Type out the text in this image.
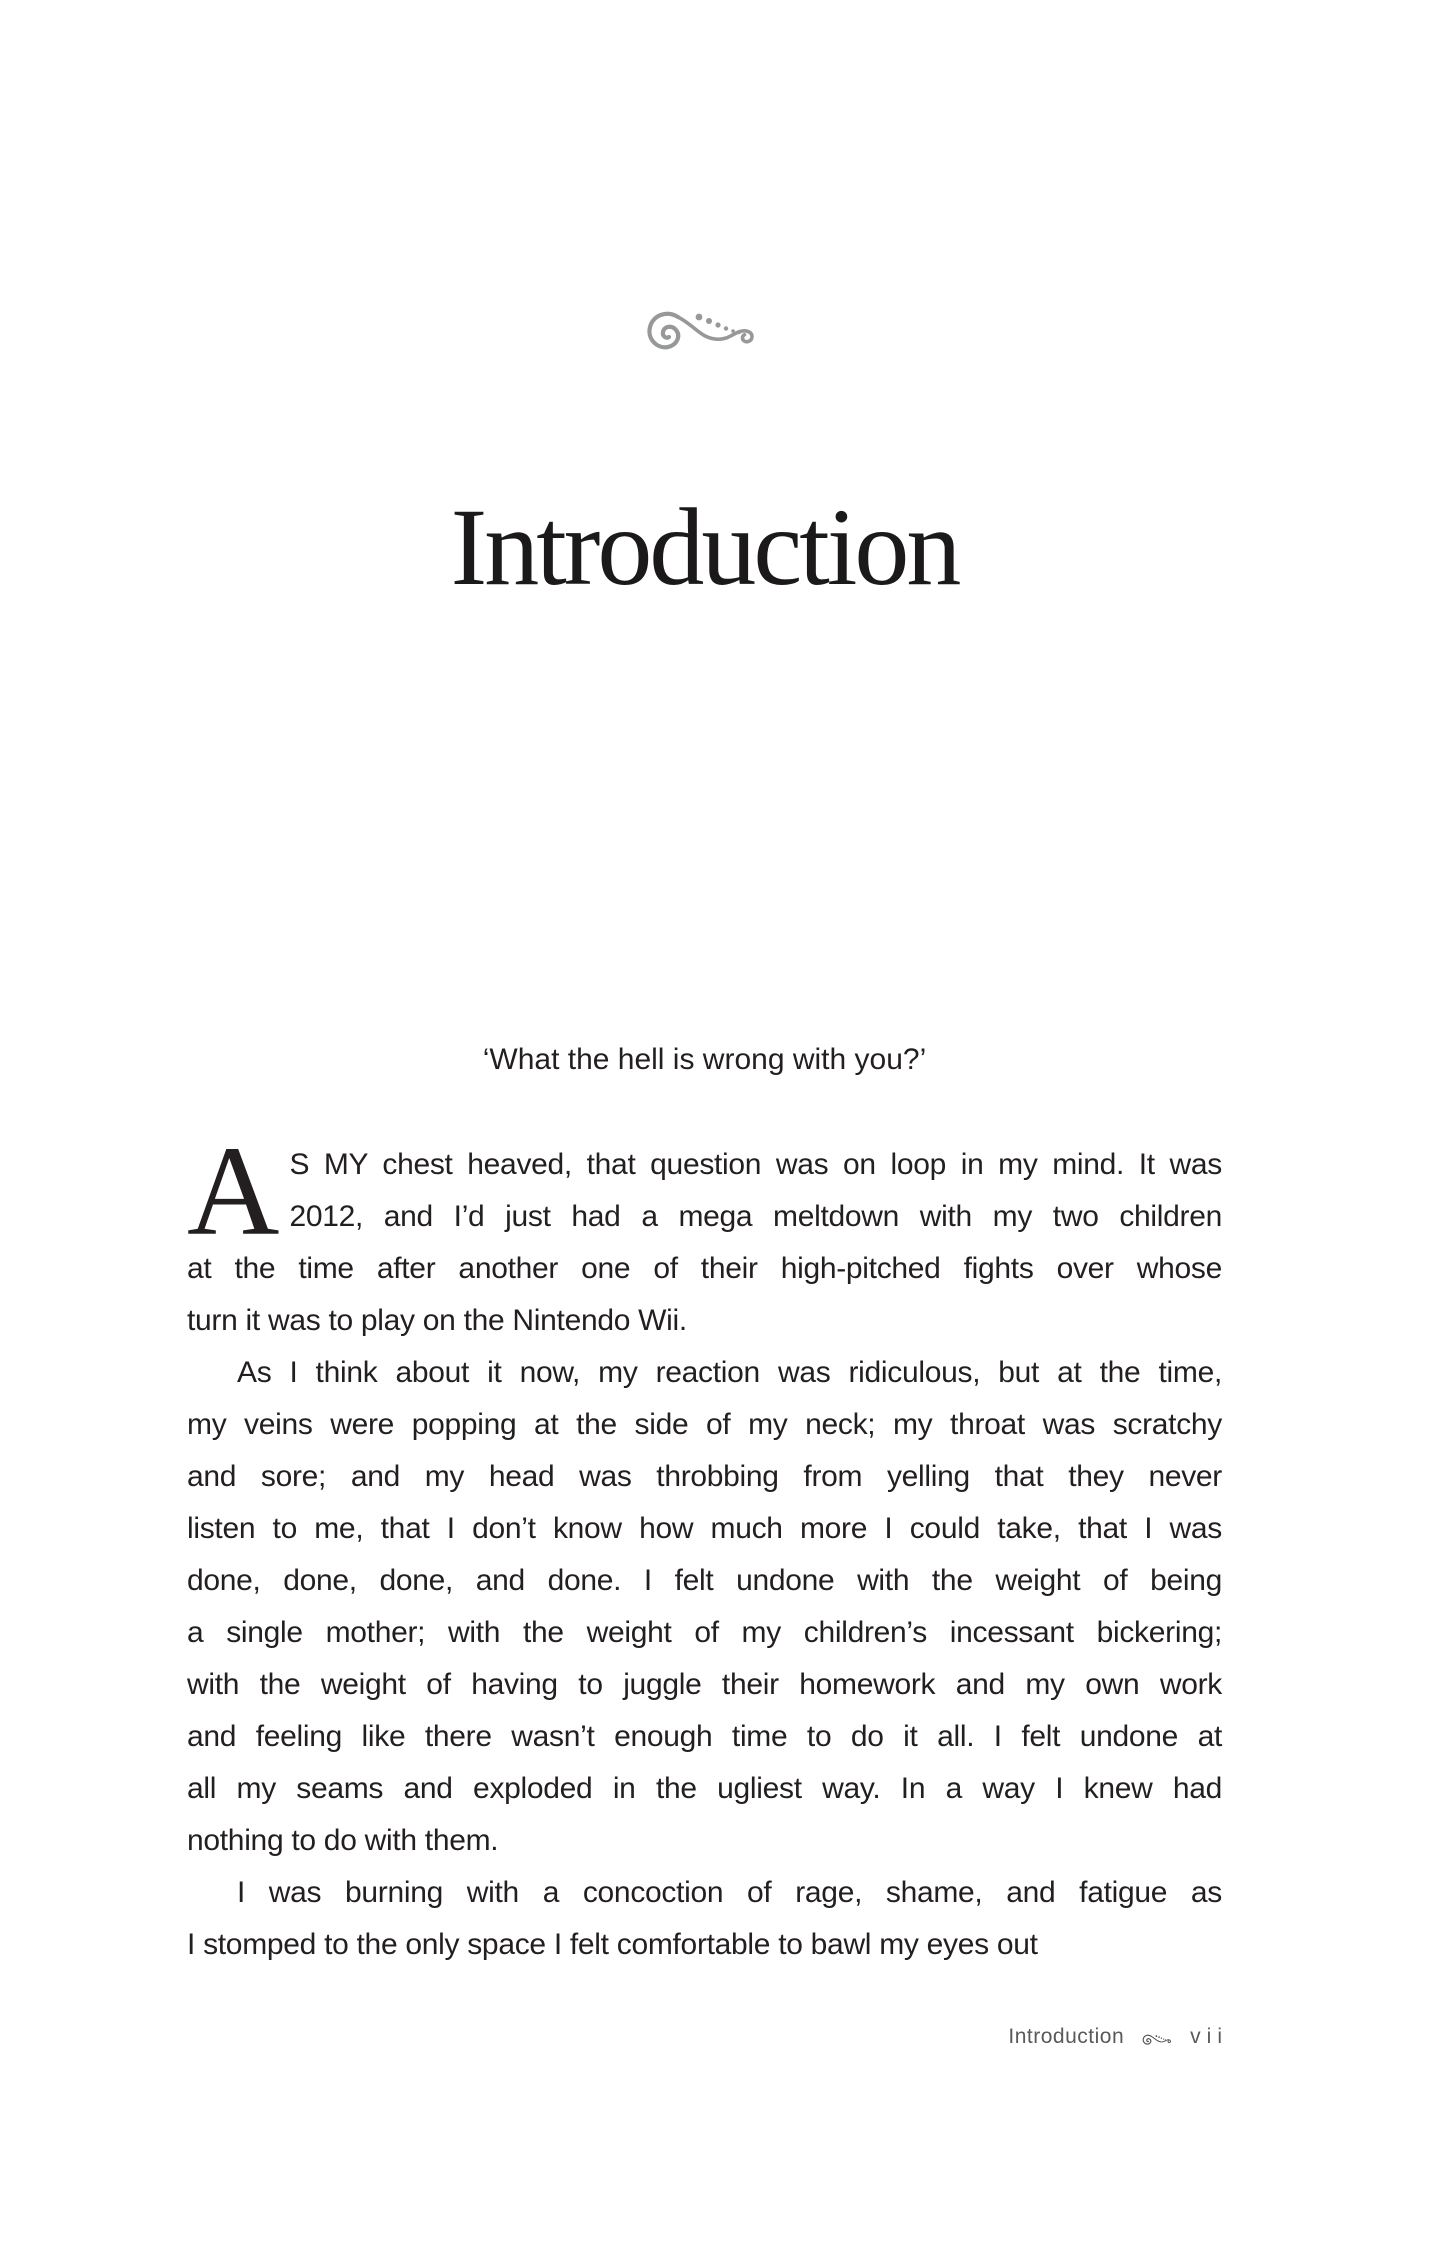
Introduction
‘What the hell is wrong with you?’
A S MY chest heaved, that question was on loop in my mind. It was
2012, and I’d just had a mega meltdown with my two children
at the time after another one of their high-pitched fights over whose
turn it was to play on the Nintendo Wii.
As I think about it now, my reaction was ridiculous, but at the time,
my veins were popping at the side of my neck; my throat was scratchy
and sore; and my head was throbbing from yelling that they never
listen to me, that I don’t know how much more I could take, that I was
done, done, done, and done. I felt undone with the weight of being
a single mother; with the weight of my children’s incessant bickering;
with the weight of having to juggle their homework and my own work
and feeling like there wasn’t enough time to do it all. I felt undone at
all my seams and exploded in the ugliest way. In a way I knew had
nothing to do with them.
I was burning with a concoction of rage, shame, and fatigue as
I stomped to the only space I felt comfortable to bawl my eyes out
Introduction	vii
